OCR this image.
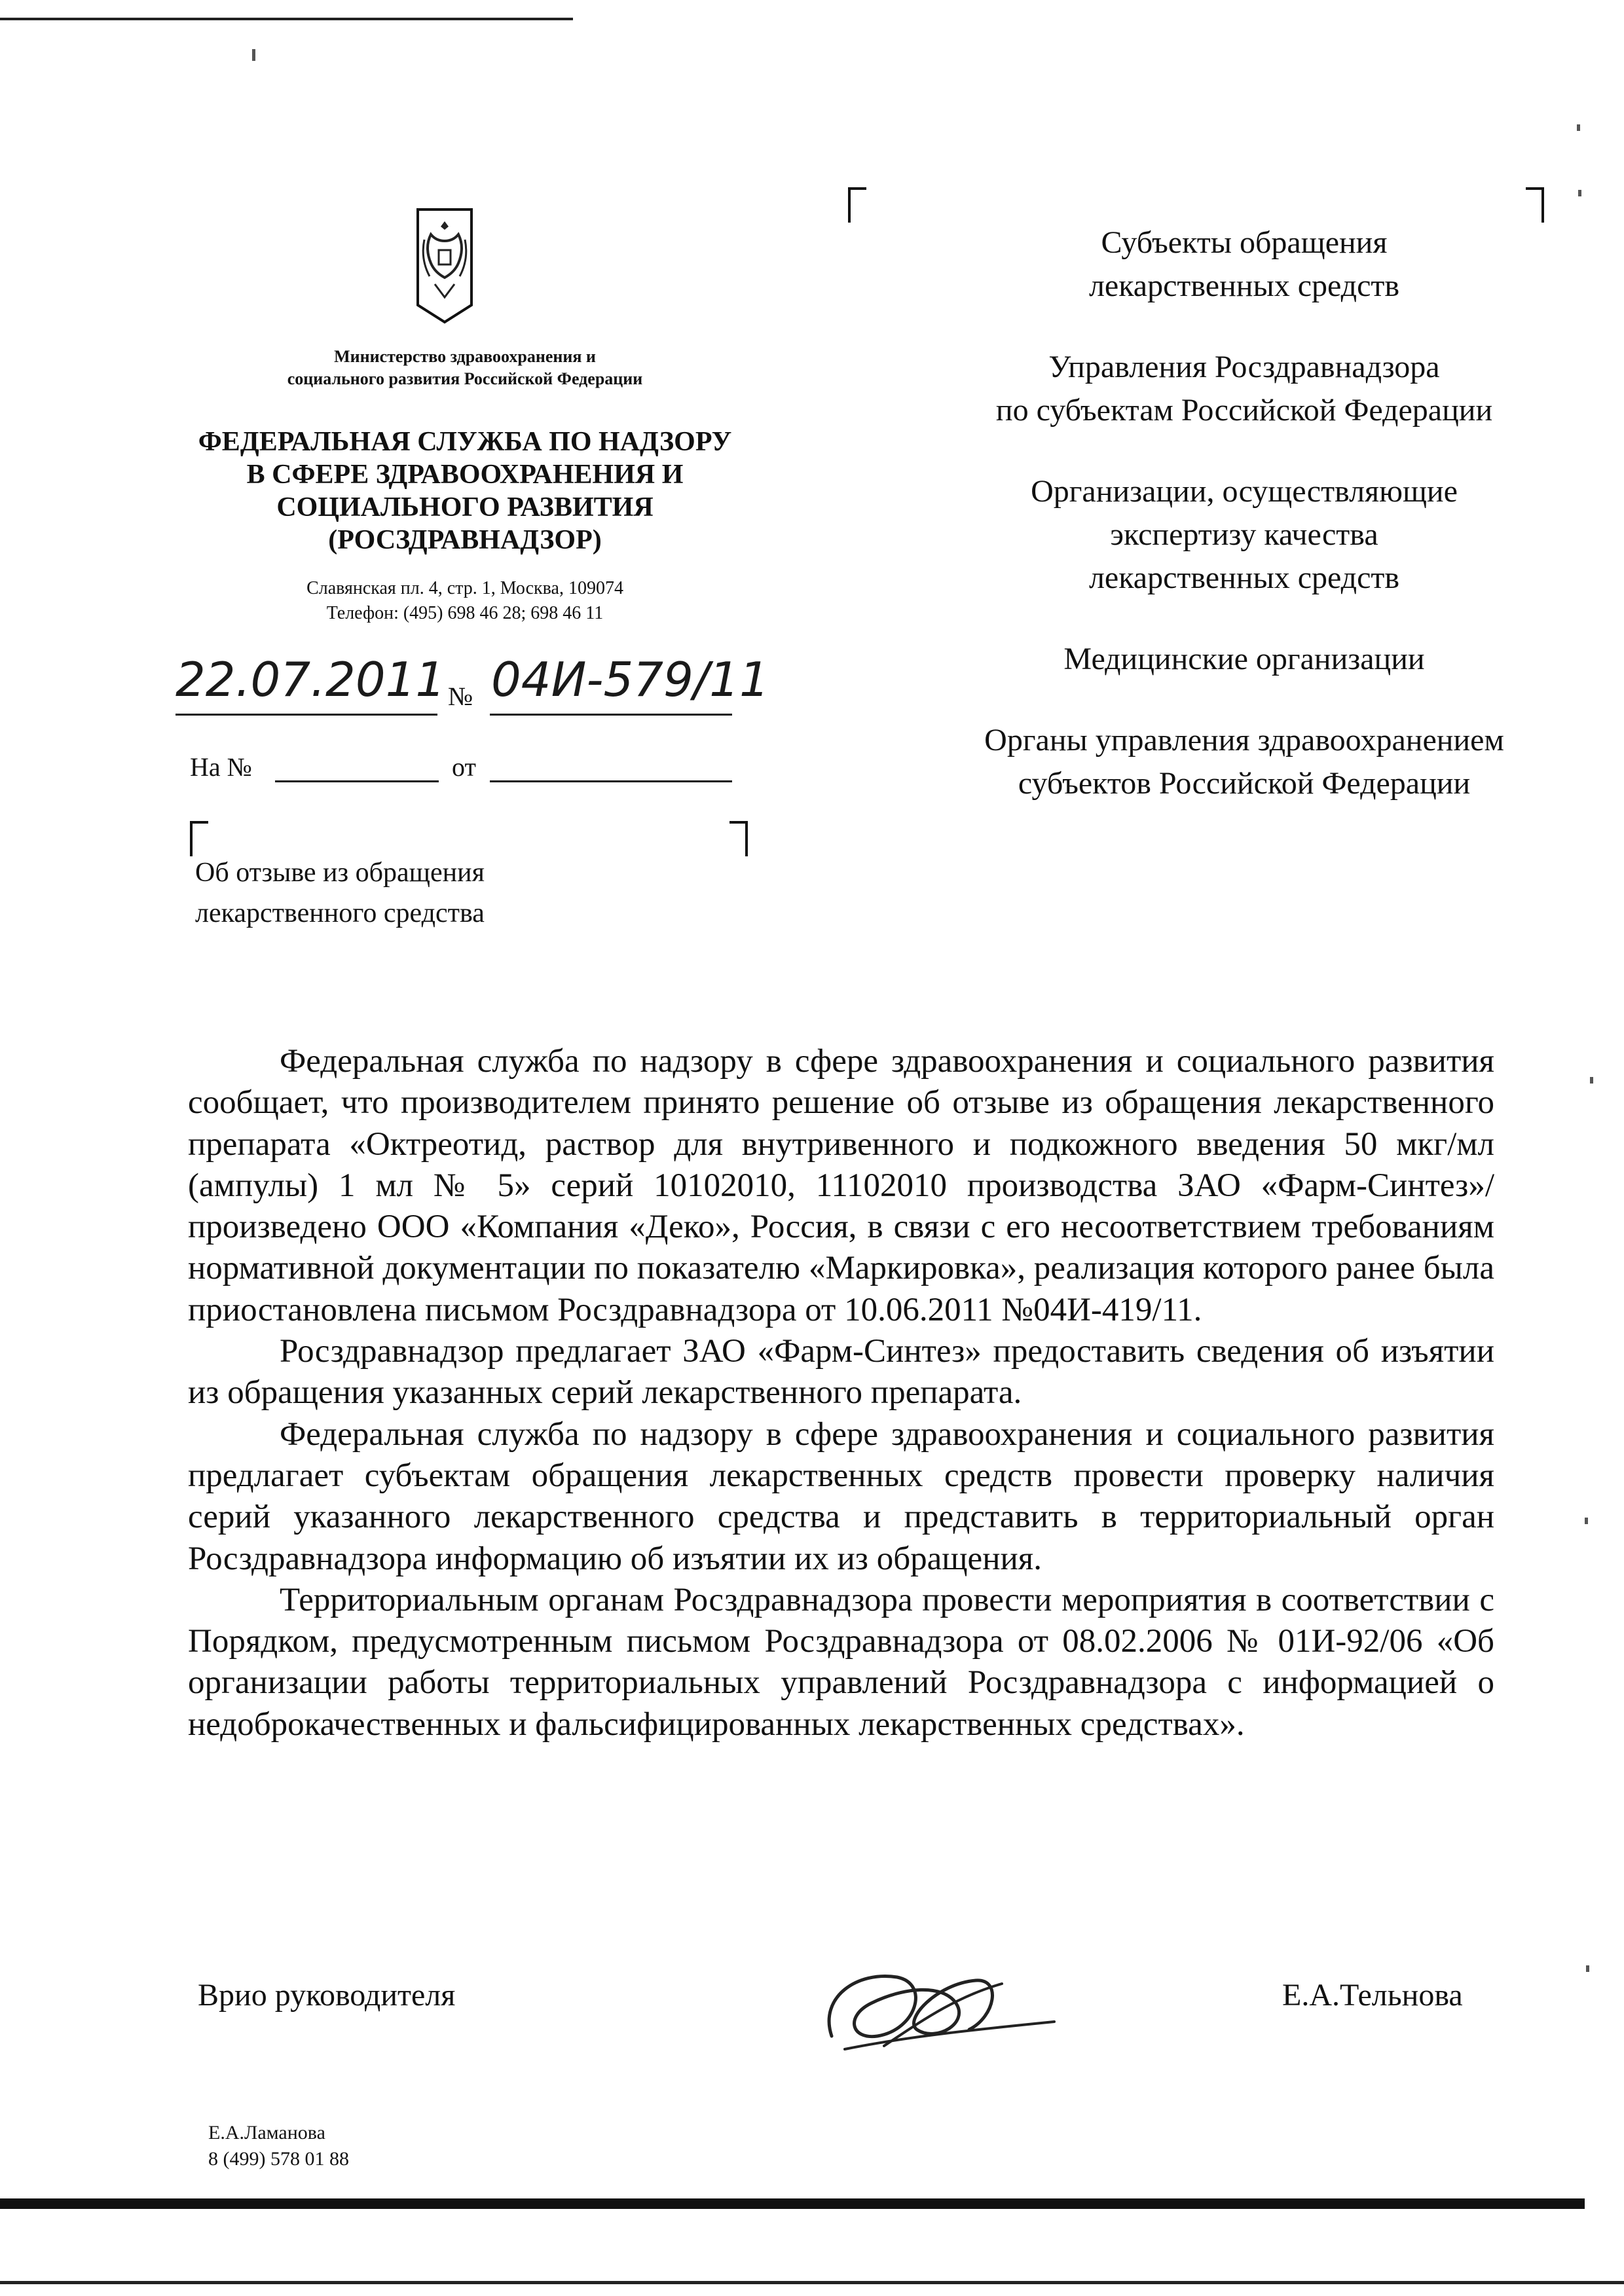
Министерство здравоохранения и
социального развития Российской Федерации
ФЕДЕРАЛЬНАЯ СЛУЖБА ПО НАДЗОРУ
В СФЕРЕ ЗДРАВООХРАНЕНИЯ И
СОЦИАЛЬНОГО РАЗВИТИЯ
(РОСЗДРАВНАДЗОР)
Славянская пл. 4, стр. 1, Москва, 109074
Телефон: (495) 698 46 28; 698 46 11
22.07.2011 № 04И-579/11
На №	от
Об отзыве из обращения
лекарственного средства
Субъекты обращения
лекарственных средств
Управления Росздравнадзора
по субъектам Российской Федерации
Организации, осуществляющие
экспертизу качества
лекарственных средств
Медицинские организации
Органы управления здравоохранением
субъектов Российской Федерации
Федеральная служба по надзору в сфере здравоохранения и социального развития сообщает, что производителем принято решение об отзыве из обращения лекарственного препарата «Октреотид, раствор для внутривенного и подкожного введения 50 мкг/мл (ампулы) 1 мл № 5» серий 10102010, 11102010 производства ЗАО «Фарм-Синтез»/произведено ООО «Компания «Деко», Россия, в связи с его несоответствием требованиям нормативной документации по показателю «Маркировка», реализация которого ранее была приостановлена письмом Росздравнадзора от 10.06.2011 №04И-419/11.
Росздравнадзор предлагает ЗАО «Фарм-Синтез» предоставить сведения об изъятии из обращения указанных серий лекарственного препарата.
Федеральная служба по надзору в сфере здравоохранения и социального развития предлагает субъектам обращения лекарственных средств провести проверку наличия серий указанного лекарственного средства и представить в территориальный орган Росздравнадзора информацию об изъятии их из обращения.
Территориальным органам Росздравнадзора провести мероприятия в соответствии с Порядком, предусмотренным письмом Росздравнадзора от 08.02.2006 № 01И-92/06 «Об организации работы территориальных управлений Росздравнадзора с информацией о недоброкачественных и фальсифицированных лекарственных средствах».
Врио руководителя	Е.А.Тельнова
Е.А.Ламанова
8 (499) 578 01 88
